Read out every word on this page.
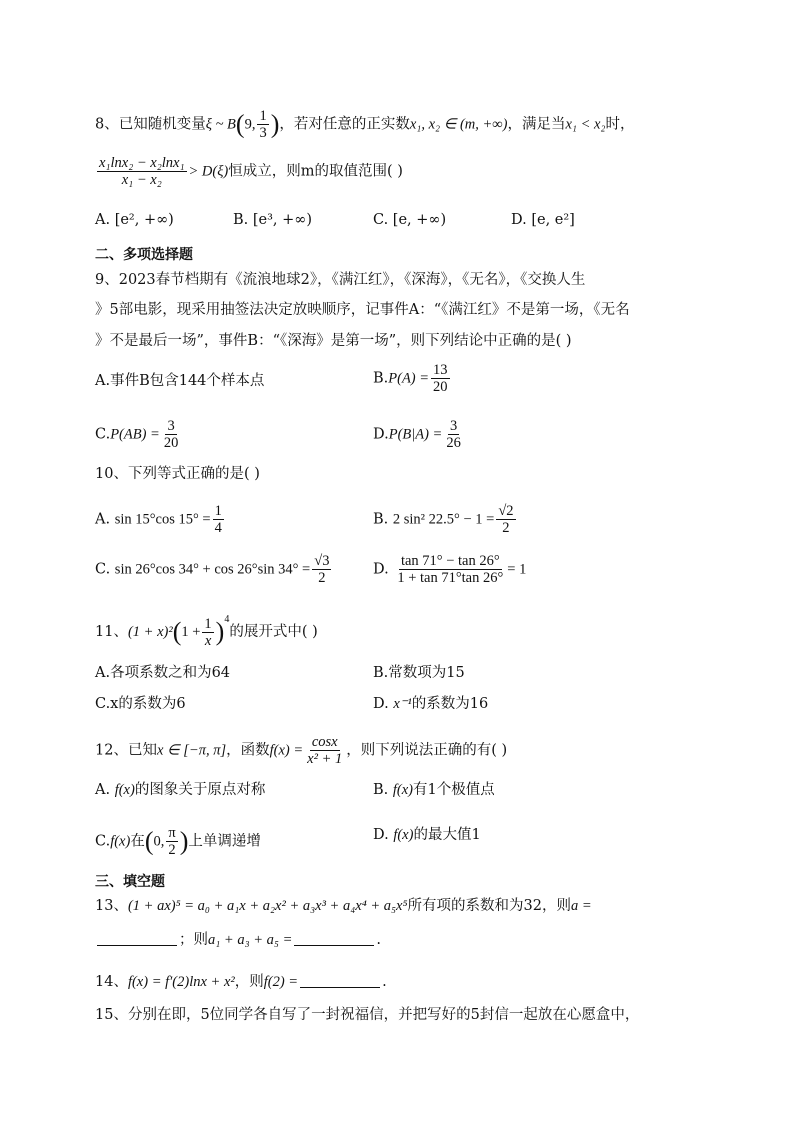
8、已知随机变量ξ ~ B(9, $\frac{1}{3}$ )，若对任意的正实数x₁, x₂ ∈ (m, +∞)，满足当x₁ < x₂时，
$\frac{\text{x₁lnx₂ − x₂lnx₁}}{\text{x₁ − x₂}} > D(\xi)$恒成立，则m的取值范围( )
A. [e², +∞)	B. [e³, +∞)	C. [e, +∞)	D. [e, e²]
二、多项选择题
9、2023春节档期有《流浪地球2》，《满江红》，《深海》，《无名》，《交换人生
》5部电影，现采用抽签法决定放映顺序，记事件A：“《满江红》不是第一场，《无名
》不是最后一场”，事件B：“《深海》是第一场”，则下列结论中正确的是( )
A.事件B包含144个样本点	$B.P(A) = \frac{13}{20}$
$C.P(AB) = \frac{3}{20}$	$D.P(B|A) = \frac{3}{26}$
10、下列等式正确的是( )
A. sin 15°cos $15^\circ = \frac{1}{4}$	B. 2 sin² $22.5^\circ - 1 = \frac{√2}{2}$
C. sin 26°cos 34° + cos 26°sin $34^\circ = \frac{√3}{2}$	D. $\frac{\tan 71^\circ - \tan 26^\circ}{1 + \tan 71^\circ\tan 26^\circ} = 1$
11、$(1 + x)^2(1 + \frac{1}{x} )^4$的展开式中( )
A.各项系数之和为64	B.常数项为15
C.x的系数为6	D. x⁻¹的系数为16
12、已知x ∈ [−π, π]，函数$f(x) = \frac{\cos x}{\text{x² + 1}}$ ，则下列说法正确的有( )
A. f(x)的图象关于原点对称	B. f(x)有1个极值点
C.f(x)在(0, $\frac{\pi}{2}$ )上单调递增	D. f(x)的最大值1
三、填空题
13、(1 + ax)⁵ = a₀ + a₁x + a₂x² + a₃x³ + a₄x⁴ + a₅x⁵所有项的系数和为32，则a =
；则a₁ + a₃ + a₅ =	.
14、f(x) = f′(2)lnx + x²，则f(2) =	.
15、分别在即，5位同学各自写了一封祝福信，并把写好的5封信一起放在心愿盒中，
